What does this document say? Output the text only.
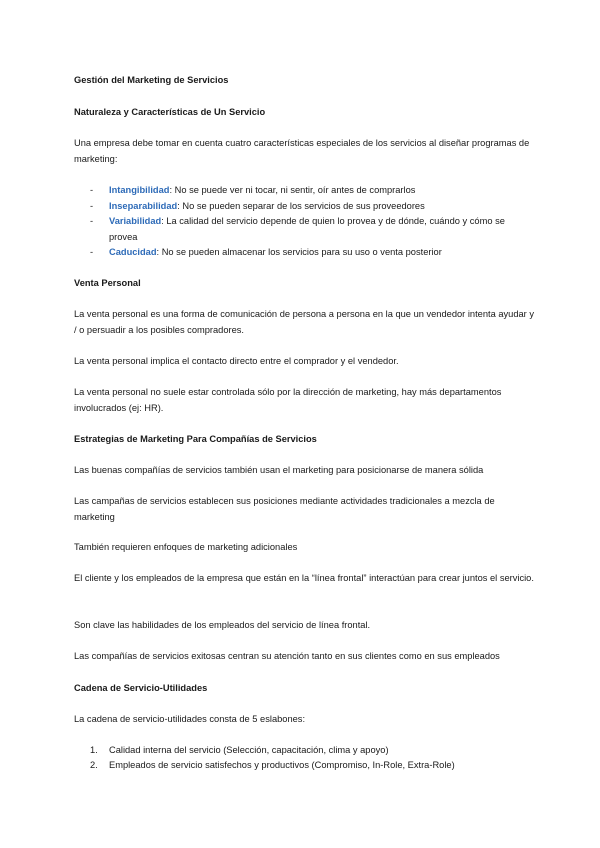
Gestión del Marketing de Servicios

Naturaleza y Características de Un Servicio

Una empresa debe tomar en cuenta cuatro características especiales de los servicios al diseñar programas de marketing:

- Intangibilidad: No se puede ver ni tocar, ni sentir, oír antes de comprarlos
- Inseparabilidad: No se pueden separar de los servicios de sus proveedores
- Variabilidad: La calidad del servicio depende de quien lo provea y de dónde, cuándo y cómo se provea
- Caducidad: No se pueden almacenar los servicios para su uso o venta posterior

Venta Personal

La venta personal es una forma de comunicación de persona a persona en la que un vendedor intenta ayudar y / o persuadir a los posibles compradores.

La venta personal implica el contacto directo entre el comprador y el vendedor.

La venta personal no suele estar controlada sólo por la dirección de marketing, hay más departamentos involucrados (ej: HR).

Estrategias de Marketing Para Compañías de Servicios

Las buenas compañías de servicios también usan el marketing para posicionarse de manera sólida

Las campañas de servicios establecen sus posiciones mediante actividades tradicionales a mezcla de marketing

También requieren enfoques de marketing adicionales

El cliente y los empleados de la empresa que están en la “línea frontal” interactúan para crear juntos el servicio.

Son clave las habilidades de los empleados del servicio de línea frontal.

Las compañías de servicios exitosas centran su atención tanto en sus clientes como en sus empleados

Cadena de Servicio-Utilidades

La cadena de servicio-utilidades consta de 5 eslabones:

1. Calidad interna del servicio (Selección, capacitación, clima y apoyo)
2. Empleados de servicio satisfechos y productivos (Compromiso, In-Role, Extra-Role)
